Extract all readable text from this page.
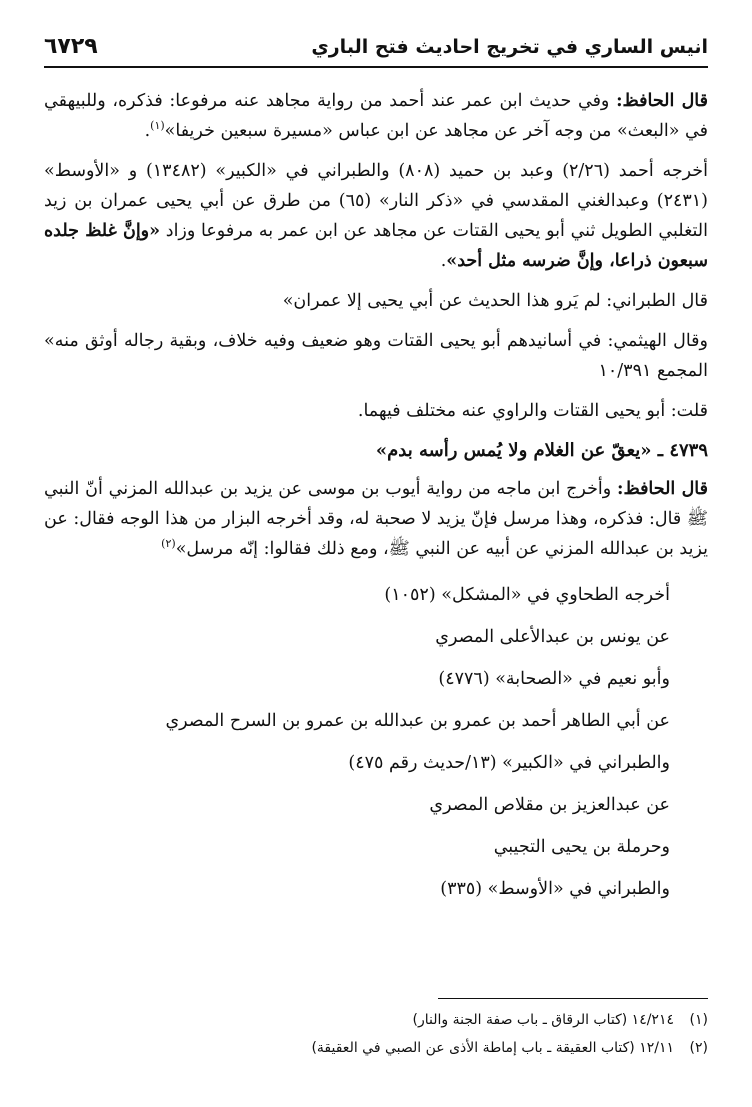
انيس الساري في تخريج احاديث فتح الباري
٦٧٢٩

قال الحافظ: وفي حديث ابن عمر عند أحمد من رواية مجاهد عنه مرفوعا: فذكره، وللبيهقي في «البعث» من وجه آخر عن مجاهد عن ابن عباس «مسيرة سبعين خريفا»$^{(١)}$.

أخرجه أحمد (٢/٢٦) وعبد بن حميد (٨٠٨) والطبراني في «الكبير» (١٣٤٨٢) و «الأوسط» (٢٤٣١) وعبدالغني المقدسي في «ذكر النار» (٦٥) من طرق عن أبي يحيى عمران بن زيد التغلبي الطويل ثني أبو يحيى القتات عن مجاهد عن ابن عمر به مرفوعا وزاد «وإنَّ غلظ جلده سبعون ذراعا، وإنَّ ضرسه مثل أحد».

قال الطبراني: لم يَرو هذا الحديث عن أبي يحيى إلا عمران»

وقال الهيثمي: في أسانيدهم أبو يحيى القتات وهو ضعيف وفيه خلاف، وبقية رجاله أوثق منه» المجمع ١٠/٣٩١

قلت: أبو يحيى القتات والراوي عنه مختلف فيهما.

٤٧٣٩ ـ «يعقّ عن الغلام ولا يُمس رأسه بدم»

قال الحافظ: وأخرج ابن ماجه من رواية أيوب بن موسى عن يزيد بن عبدالله المزني أنّ النبي ﷺ قال: فذكره، وهذا مرسل فإنّ يزيد لا صحبة له، وقد أخرجه البزار من هذا الوجه فقال: عن يزيد بن عبدالله المزني عن أبيه عن النبي ﷺ، ومع ذلك فقالوا: إنّه مرسل»$^{(٢)}$

أخرجه الطحاوي في «المشكل» (١٠٥٢)
عن يونس بن عبدالأعلى المصري
وأبو نعيم في «الصحابة» (٤٧٧٦)
عن أبي الطاهر أحمد بن عمرو بن عبدالله بن عمرو بن السرح المصري
والطبراني في «الكبير» (١٣/حديث رقم ٤٧٥)
عن عبدالعزيز بن مقلاص المصري
وحرملة بن يحيى التجيبي
والطبراني في «الأوسط» (٣٣٥)
(١)١٤/٢١٤ (كتاب الرقاق ـ باب صفة الجنة والنار)
(٢)١٢/١١ (كتاب العقيقة ـ باب إماطة الأذى عن الصبي في العقيقة)
